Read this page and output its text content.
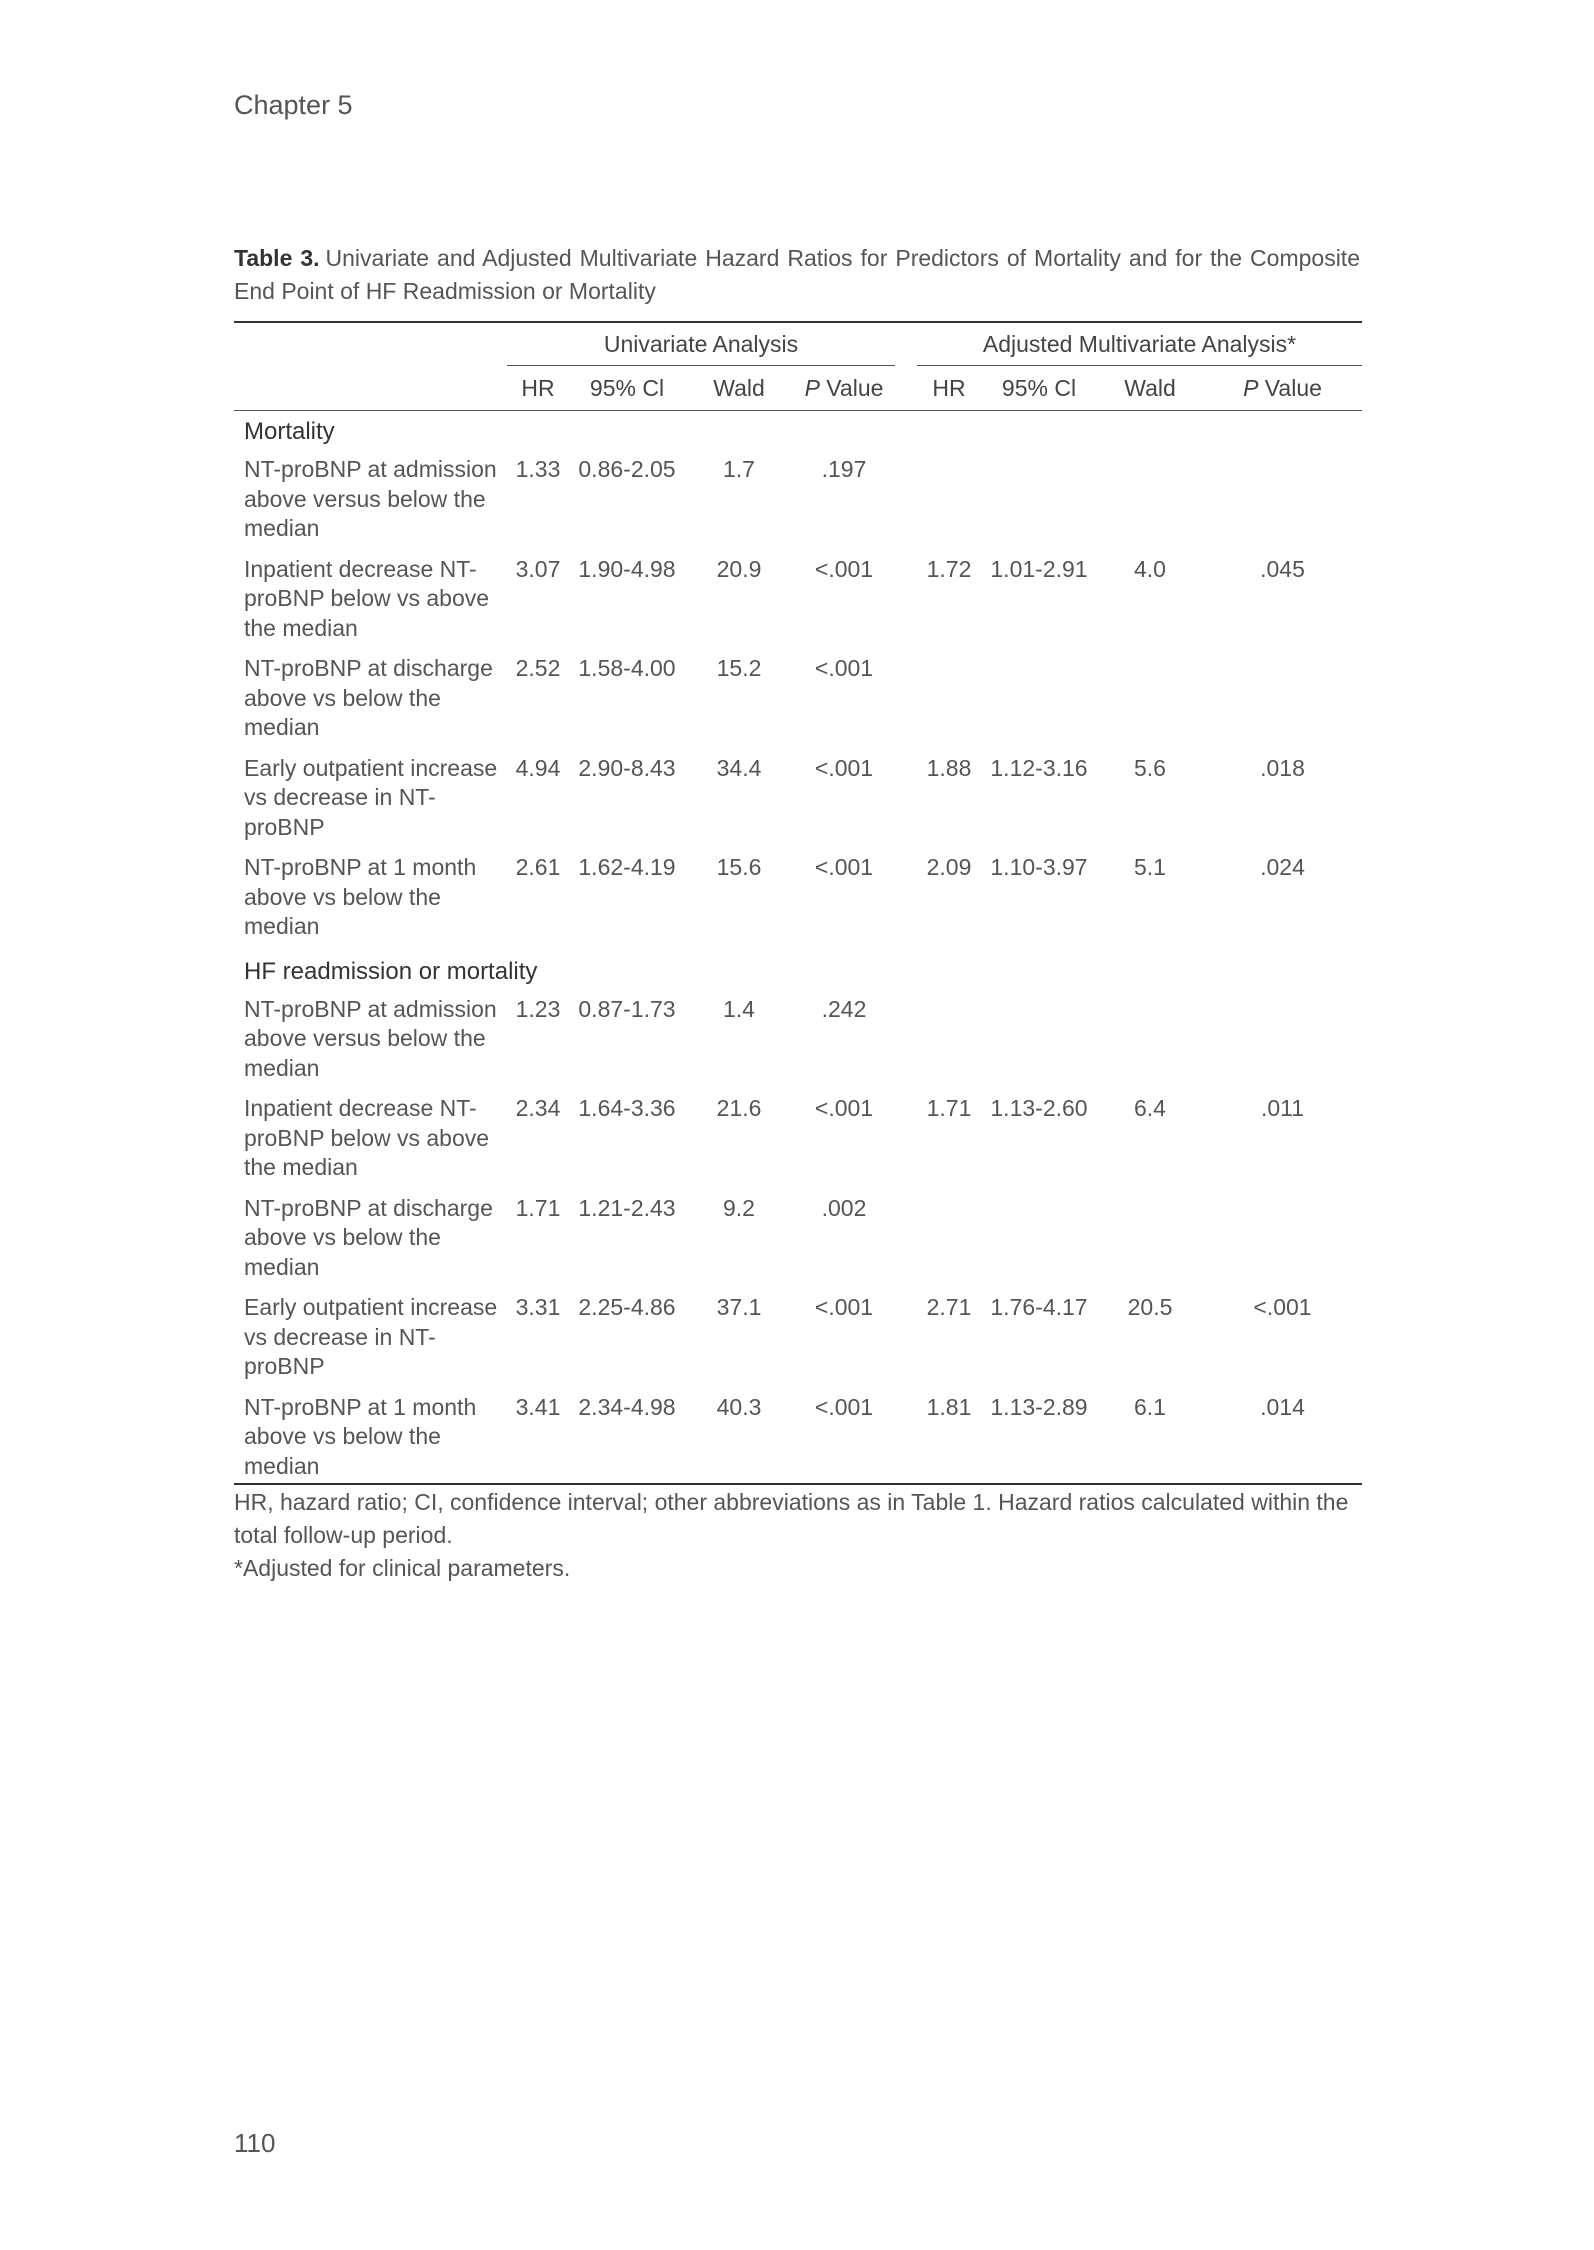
Chapter 5
Table 3. Univariate and Adjusted Multivariate Hazard Ratios for Predictors of Mortality and for the Composite End Point of HF Readmission or Mortality
	Univariate Analysis					Adjusted Multivariate Analysis*			
	HR	95% Cl	Wald	P Value		HR	95% Cl	Wald	P Value
Mortality									
NT-proBNP at admission above versus below the median	1.33	0.86-2.05	1.7	.197					
Inpatient decrease NT-proBNP below vs above the median	3.07	1.90-4.98	20.9	<.001		1.72	1.01-2.91	4.0	.045
NT-proBNP at discharge above vs below the median	2.52	1.58-4.00	15.2	<.001					
Early outpatient increase vs decrease in NT-proBNP	4.94	2.90-8.43	34.4	<.001		1.88	1.12-3.16	5.6	.018
NT-proBNP at 1 month above vs below the median	2.61	1.62-4.19	15.6	<.001		2.09	1.10-3.97	5.1	.024
HF readmission or mortality									
NT-proBNP at admission above versus below the median	1.23	0.87-1.73	1.4	.242					
Inpatient decrease NT-proBNP below vs above the median	2.34	1.64-3.36	21.6	<.001		1.71	1.13-2.60	6.4	.011
NT-proBNP at discharge above vs below the median	1.71	1.21-2.43	9.2	.002					
Early outpatient increase vs decrease in NT-proBNP	3.31	2.25-4.86	37.1	<.001		2.71	1.76-4.17	20.5	<.001
NT-proBNP at 1 month above vs below the median	3.41	2.34-4.98	40.3	<.001		1.81	1.13-2.89	6.1	.014
HR, hazard ratio; CI, confidence interval; other abbreviations as in Table 1. Hazard ratios calculated within the total follow-up period.
*Adjusted for clinical parameters.
110
